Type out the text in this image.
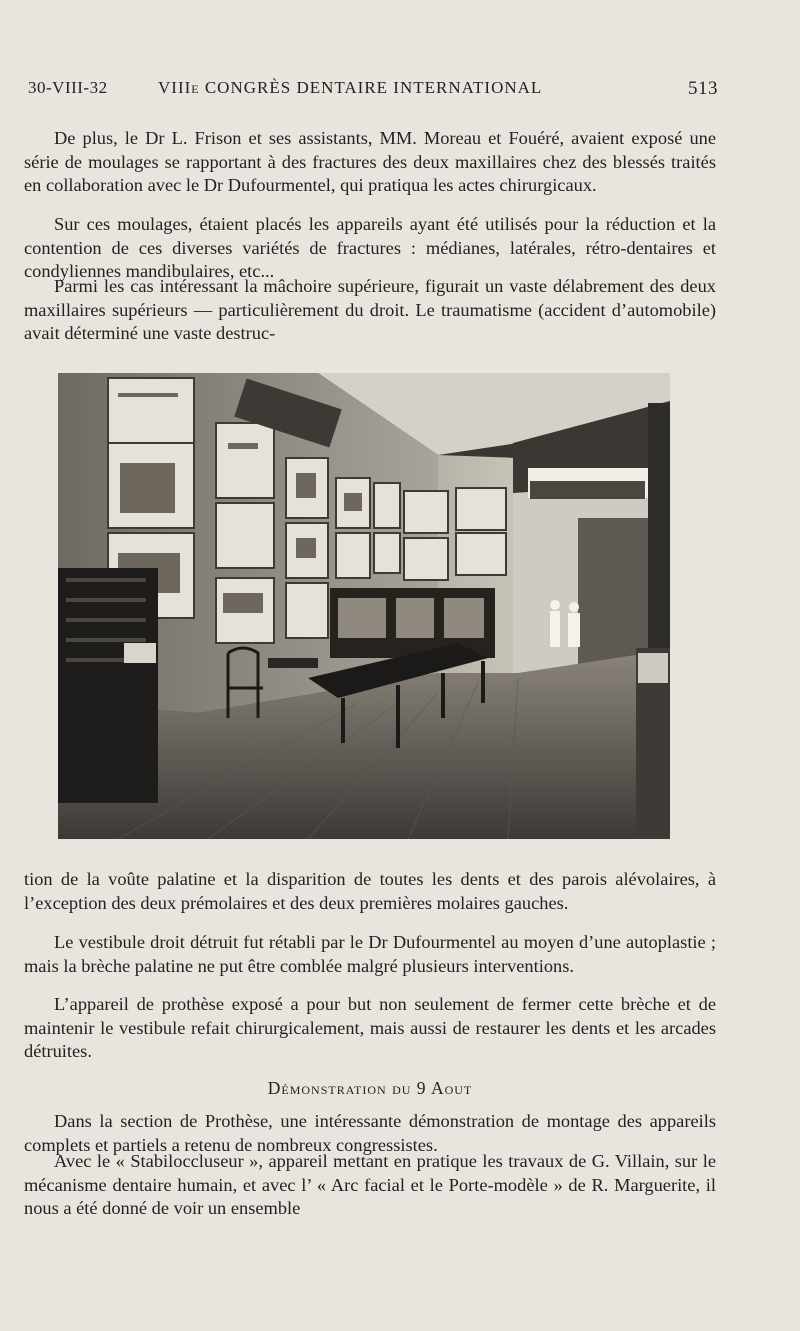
30-VIII-32	VIIIe CONGRÈS DENTAIRE INTERNATIONAL	513

De plus, le Dr L. Frison et ses assistants, MM. Moreau et Fouéré, avaient exposé une série de moulages se rapportant à des fractures des deux maxillaires chez des blessés traités en collaboration avec le Dr Dufourmentel, qui pratiqua les actes chirurgicaux.

Sur ces moulages, étaient placés les appareils ayant été utilisés pour la réduction et la contention de ces diverses variétés de fractures : médianes, latérales, rétro-dentaires et condyliennes mandibulaires, etc...

Parmi les cas intéressant la mâchoire supérieure, figurait un vaste délabrement des deux maxillaires supérieurs — particulièrement du droit. Le traumatisme (accident d’automobile) avait déterminé une vaste destruc-

tion de la voûte palatine et la disparition de toutes les dents et des parois alévolaires, à l’exception des deux prémolaires et des deux premières molaires gauches.

Le vestibule droit détruit fut rétabli par le Dr Dufourmentel au moyen d’une autoplastie ; mais la brèche palatine ne put être comblée malgré plusieurs interventions.

L’appareil de prothèse exposé a pour but non seulement de fermer cette brèche et de maintenir le vestibule refait chirurgicalement, mais aussi de restaurer les dents et les arcades détruites.

Démonstration du 9 Aout

Dans la section de Prothèse, une intéressante démonstration de montage des appareils complets et partiels a retenu de nombreux congressistes.

Avec le « Stabiloccluseur », appareil mettant en pratique les travaux de G. Villain, sur le mécanisme dentaire humain, et avec l’ « Arc facial et le Porte-modèle » de R. Marguerite, il nous a été donné de voir un ensemble
